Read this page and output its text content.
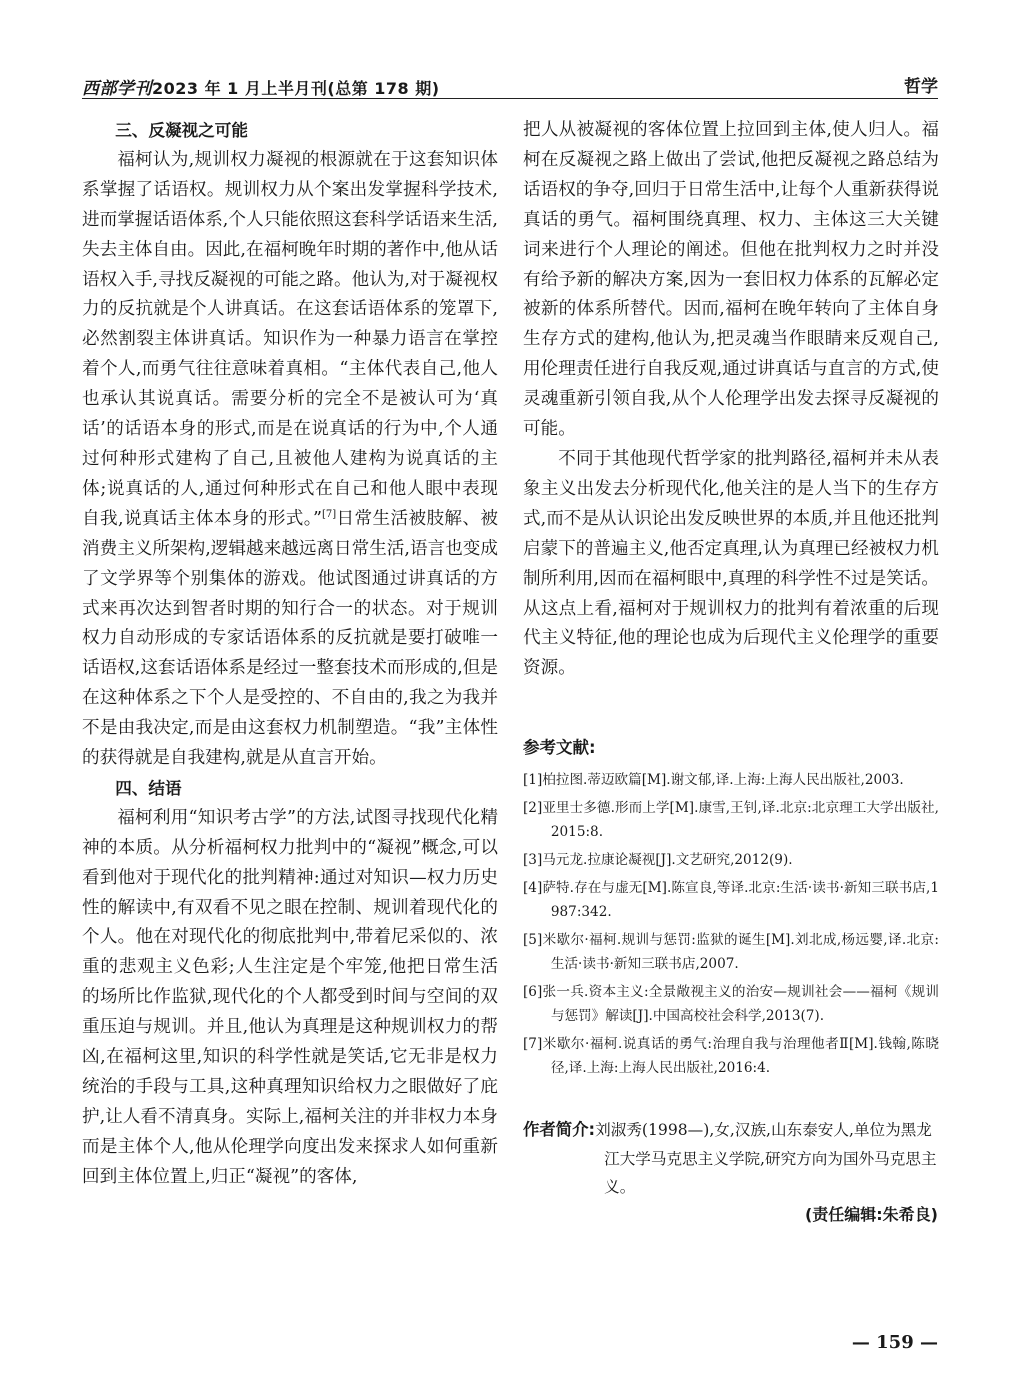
西部学刊2023 年 1 月上半月刊(总第 178 期)	哲学

三、反凝视之可能

福柯认为,规训权力凝视的根源就在于这套知识体系掌握了话语权。规训权力从个案出发掌握科学技术,进而掌握话语体系,个人只能依照这套科学话语来生活,失去主体自由。因此,在福柯晚年时期的著作中,他从话语权入手,寻找反凝视的可能之路。他认为,对于凝视权力的反抗就是个人讲真话。在这套话语体系的笼罩下,必然割裂主体讲真话。知识作为一种暴力语言在掌控着个人,而勇气往往意味着真相。“主体代表自己,他人也承认其说真话。需要分析的完全不是被认可为‘真话’的话语本身的形式,而是在说真话的行为中,个人通过何种形式建构了自己,且被他人建构为说真话的主体;说真话的人,通过何种形式在自己和他人眼中表现自我,说真话主体本身的形式。”[7]日常生活被肢解、被消费主义所架构,逻辑越来越远离日常生活,语言也变成了文学界等个别集体的游戏。他试图通过讲真话的方式来再次达到智者时期的知行合一的状态。对于规训权力自动形成的专家话语体系的反抗就是要打破唯一话语权,这套话语体系是经过一整套技术而形成的,但是在这种体系之下个人是受控的、不自由的,我之为我并不是由我决定,而是由这套权力机制塑造。“我”主体性的获得就是自我建构,就是从直言开始。

四、结语

福柯利用“知识考古学”的方法,试图寻找现代化精神的本质。从分析福柯权力批判中的“凝视”概念,可以看到他对于现代化的批判精神:通过对知识—权力历史性的解读中,有双看不见之眼在控制、规训着现代化的个人。他在对现代化的彻底批判中,带着尼采似的、浓重的悲观主义色彩;人生注定是个牢笼,他把日常生活的场所比作监狱,现代化的个人都受到时间与空间的双重压迫与规训。并且,他认为真理是这种规训权力的帮凶,在福柯这里,知识的科学性就是笑话,它无非是权力统治的手段与工具,这种真理知识给权力之眼做好了庇护,让人看不清真身。实际上,福柯关注的并非权力本身而是主体个人,他从伦理学向度出发来探求人如何重新回到主体位置上,归正“凝视”的客体,

把人从被凝视的客体位置上拉回到主体,使人归人。福柯在反凝视之路上做出了尝试,他把反凝视之路总结为话语权的争夺,回归于日常生活中,让每个人重新获得说真话的勇气。福柯围绕真理、权力、主体这三大关键词来进行个人理论的阐述。但他在批判权力之时并没有给予新的解决方案,因为一套旧权力体系的瓦解必定被新的体系所替代。因而,福柯在晚年转向了主体自身生存方式的建构,他认为,把灵魂当作眼睛来反观自己,用伦理责任进行自我反观,通过讲真话与直言的方式,使灵魂重新引领自我,从个人伦理学出发去探寻反凝视的可能。

不同于其他现代哲学家的批判路径,福柯并未从表象主义出发去分析现代化,他关注的是人当下的生存方式,而不是从认识论出发反映世界的本质,并且他还批判启蒙下的普遍主义,他否定真理,认为真理已经被权力机制所利用,因而在福柯眼中,真理的科学性不过是笑话。从这点上看,福柯对于规训权力的批判有着浓重的后现代主义特征,他的理论也成为后现代主义伦理学的重要资源。

参考文献:

[1]柏拉图.蒂迈欧篇[M].谢文郁,译.上海:上海人民出版社,2003.

[2]亚里士多德.形而上学[M].康雪,王钊,译.北京:北京理工大学出版社,2015:8.

[3]马元龙.拉康论凝视[J].文艺研究,2012(9).

[4]萨特.存在与虚无[M].陈宣良,等译.北京:生活·读书·新知三联书店,1987:342.

[5]米歇尔·福柯.规训与惩罚:监狱的诞生[M].刘北成,杨远婴,译.北京:生活·读书·新知三联书店,2007.

[6]张一兵.资本主义:全景敞视主义的治安—规训社会——福柯《规训与惩罚》解读[J].中国高校社会科学,2013(7).

[7]米歇尔·福柯.说真话的勇气:治理自我与治理他者Ⅱ[M].钱翰,陈晓径,译.上海:上海人民出版社,2016:4.

作者简介:刘淑秀(1998—),女,汉族,山东泰安人,单位为黑龙江大学马克思主义学院,研究方向为国外马克思主义。
(责任编辑:朱希良)
— 159 —
